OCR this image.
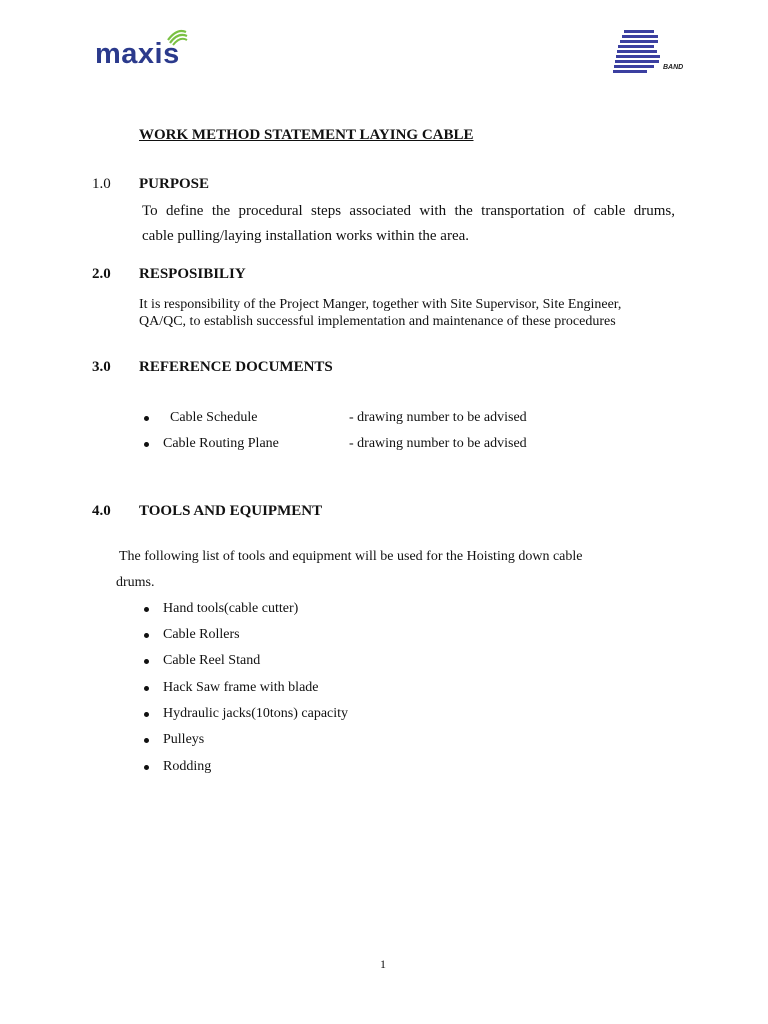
maxis	BAND
WORK METHOD STATEMENT LAYING CABLE
1.0 PURPOSE
To define the procedural steps associated with the transportation of cable drums,
cable pulling/laying installation works within the area.
2.0 RESPOSIBILIY
It is responsibility of the Project Manger, together with Site Supervisor, Site Engineer,
QA/QC, to establish successful implementation and maintenance of these procedures
3.0 REFERENCE DOCUMENTS
Cable Schedule	- drawing number to be advised
Cable Routing Plane	- drawing number to be advised
4.0 TOOLS AND EQUIPMENT
The following list of tools and equipment will be used for the Hoisting down cable
drums.
Hand tools(cable cutter)
Cable Rollers
Cable Reel Stand
Hack Saw frame with blade
Hydraulic jacks(10tons) capacity
Pulleys
Rodding
1
